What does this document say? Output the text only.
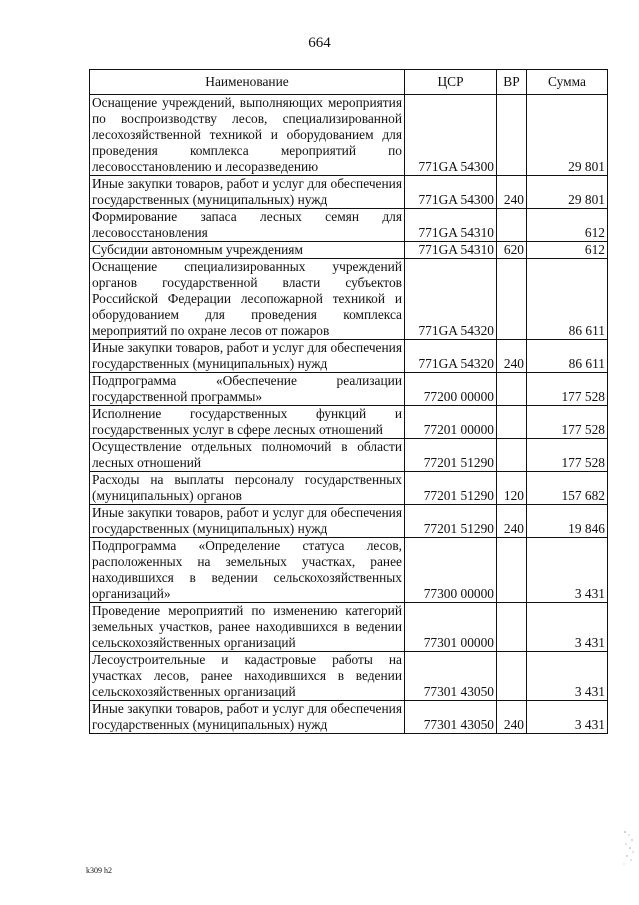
664
Наименование	ЦСР	ВР	Сумма
Оснащение учреждений, выполняющих мероприятия по воспроизводству лесов, специализированной лесохозяйственной техникой и оборудованием для проведения комплекса мероприятий по лесовосстановлению и лесоразведению	771GA 54300		29 801
Иные закупки товаров, работ и услуг для обеспечения государственных (муниципальных) нужд	771GA 54300	240	29 801
Формирование запаса лесных семян для лесовосстановления	771GA 54310		612
Субсидии автономным учреждениям	771GA 54310	620	612
Оснащение специализированных учреждений органов государственной власти субъектов Российской Федерации лесопожарной техникой и оборудованием для проведения комплекса мероприятий по охране лесов от пожаров	771GA 54320		86 611
Иные закупки товаров, работ и услуг для обеспечения государственных (муниципальных) нужд	771GA 54320	240	86 611
Подпрограмма «Обеспечение реализации государственной программы»	77200 00000		177 528
Исполнение государственных функций и государственных услуг в сфере лесных отношений	77201 00000		177 528
Осуществление отдельных полномочий в области лесных отношений	77201 51290		177 528
Расходы на выплаты персоналу государственных (муниципальных) органов	77201 51290	120	157 682
Иные закупки товаров, работ и услуг для обеспечения государственных (муниципальных) нужд	77201 51290	240	19 846
Подпрограмма «Определение статуса лесов, расположенных на земельных участках, ранее находившихся в ведении сельскохозяйственных организаций»	77300 00000		3 431
Проведение мероприятий по изменению категорий земельных участков, ранее находившихся в ведении сельскохозяйственных организаций	77301 00000		3 431
Лесоустроительные и кадастровые работы на участках лесов, ранее находившихся в ведении сельскохозяйственных организаций	77301 43050		3 431
Иные закупки товаров, работ и услуг для обеспечения государственных (муниципальных) нужд	77301 43050	240	3 431
k309 h2
